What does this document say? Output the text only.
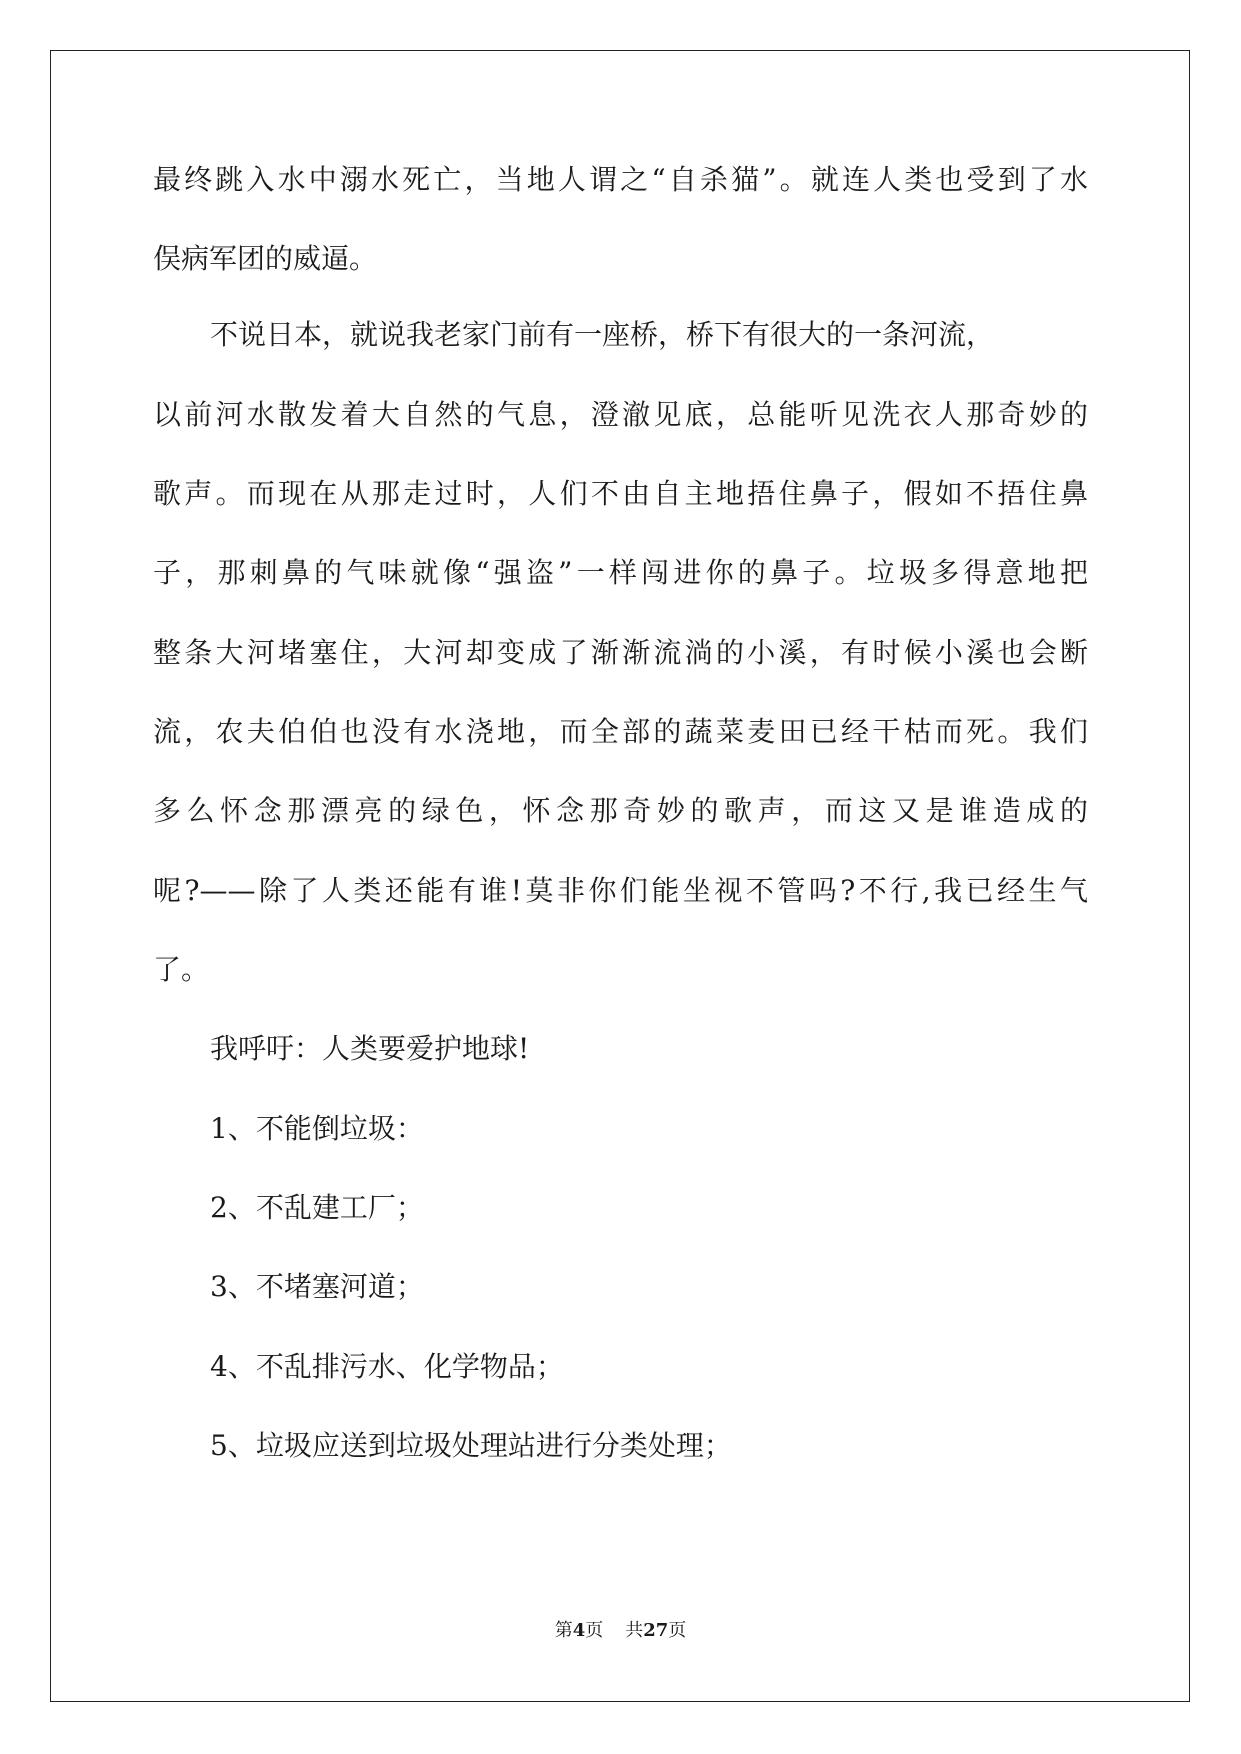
最终跳入水中溺水死亡，当地人谓之“自杀猫”。就连人类也受到了水
俣病军团的威逼。
不说日本，就说我老家门前有一座桥，桥下有很大的一条河流，
以前河水散发着大自然的气息，澄澈见底，总能听见洗衣人那奇妙的
歌声。而现在从那走过时，人们不由自主地捂住鼻子，假如不捂住鼻
子，那刺鼻的气味就像“强盗”一样闯进你的鼻子。垃圾多得意地把
整条大河堵塞住，大河却变成了渐渐流淌的小溪，有时候小溪也会断
流，农夫伯伯也没有水浇地，而全部的蔬菜麦田已经干枯而死。我们
多么怀念那漂亮的绿色，怀念那奇妙的歌声，而这又是谁造成的
呢?——除了人类还能有谁!莫非你们能坐视不管吗?不行,我已经生气
了。
我呼吁：人类要爱护地球!
1、不能倒垃圾：
2、不乱建工厂；
3、不堵塞河道；
4、不乱排污水、化学物品；
5、垃圾应送到垃圾处理站进行分类处理；
第4页 共27页
